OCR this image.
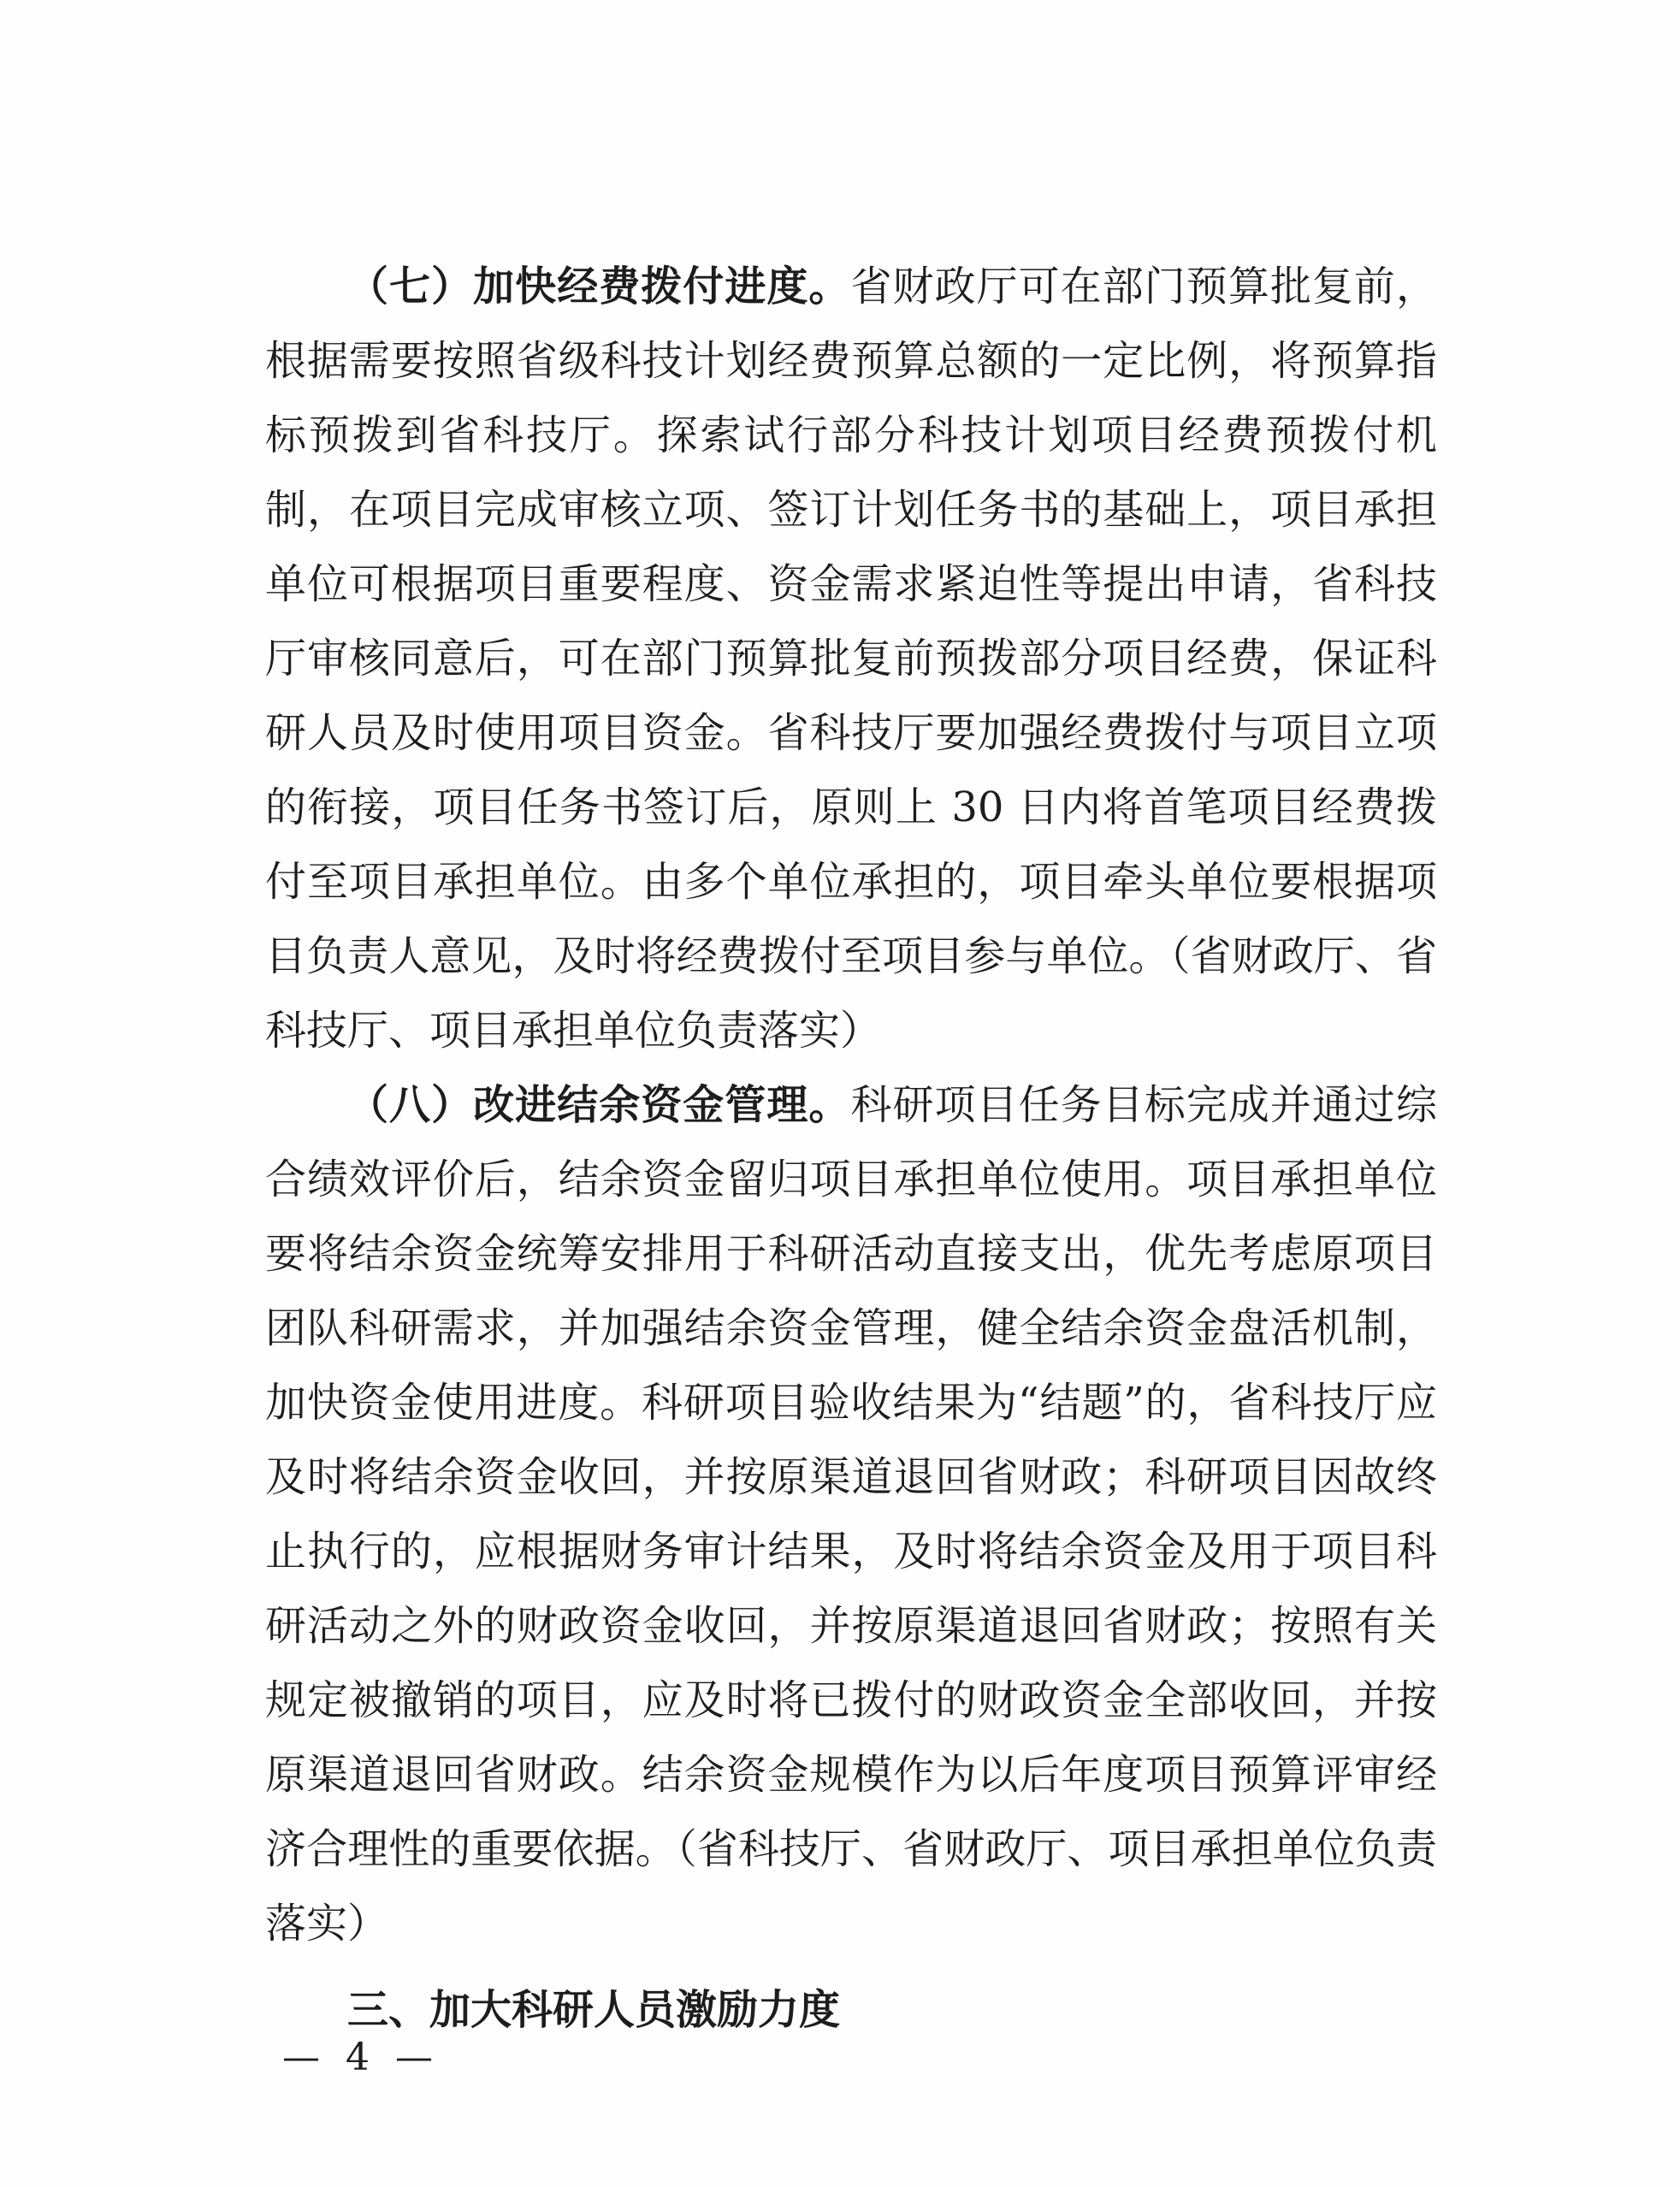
（七）加快经费拨付进度。省财政厅可在部门预算批复前，根据需要按照省级科技计划经费预算总额的一定比例，将预算指标预拨到省科技厅。探索试行部分科技计划项目经费预拨付机制，在项目完成审核立项、签订计划任务书的基础上，项目承担单位可根据项目重要程度、资金需求紧迫性等提出申请，省科技厅审核同意后，可在部门预算批复前预拨部分项目经费，保证科研人员及时使用项目资金。省科技厅要加强经费拨付与项目立项的衔接，项目任务书签订后，原则上 30 日内将首笔项目经费拨付至项目承担单位。由多个单位承担的，项目牵头单位要根据项目负责人意见，及时将经费拨付至项目参与单位。（省财政厅、省科技厅、项目承担单位负责落实）

（八）改进结余资金管理。科研项目任务目标完成并通过综合绩效评价后，结余资金留归项目承担单位使用。项目承担单位要将结余资金统筹安排用于科研活动直接支出，优先考虑原项目团队科研需求，并加强结余资金管理，健全结余资金盘活机制，加快资金使用进度。科研项目验收结果为“结题”的，省科技厅应及时将结余资金收回，并按原渠道退回省财政；科研项目因故终止执行的，应根据财务审计结果，及时将结余资金及用于项目科研活动之外的财政资金收回，并按原渠道退回省财政；按照有关规定被撤销的项目，应及时将已拨付的财政资金全部收回，并按原渠道退回省财政。结余资金规模作为以后年度项目预算评审经济合理性的重要依据。（省科技厅、省财政厅、项目承担单位负责落实）

三、加大科研人员激励力度

— 4 —
